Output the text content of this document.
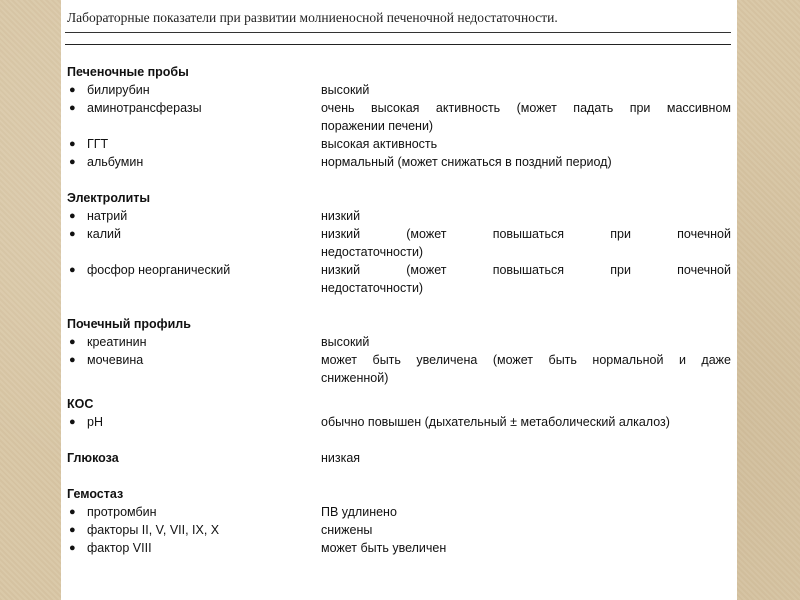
Лабораторные показатели при развитии молниеносной печеночной недостаточности.
Печеночные пробы
● билирубин	высокий
● аминотрансферазы	очень высокая активность (может падать при массивном
поражении печени)
● ГГТ	высокая активность
● альбумин	нормальный (может снижаться в поздний период)
Электролиты
● натрий	низкий
● калий	низкий (может повышаться при почечной
недостаточности)
● фосфор неорганический	низкий (может повышаться при почечной
недостаточности)
Почечный профиль
● креатинин	высокий
● мочевина	может быть увеличена (может быть нормальной и даже
сниженной)
КОС
● рН	обычно повышен (дыхательный ± метаболический алкалоз)
Глюкоза	низкая
Гемостаз
● протромбин	ПВ удлинено
● факторы II, V, VII, IX, X	снижены
● фактор VIII	может быть увеличен
